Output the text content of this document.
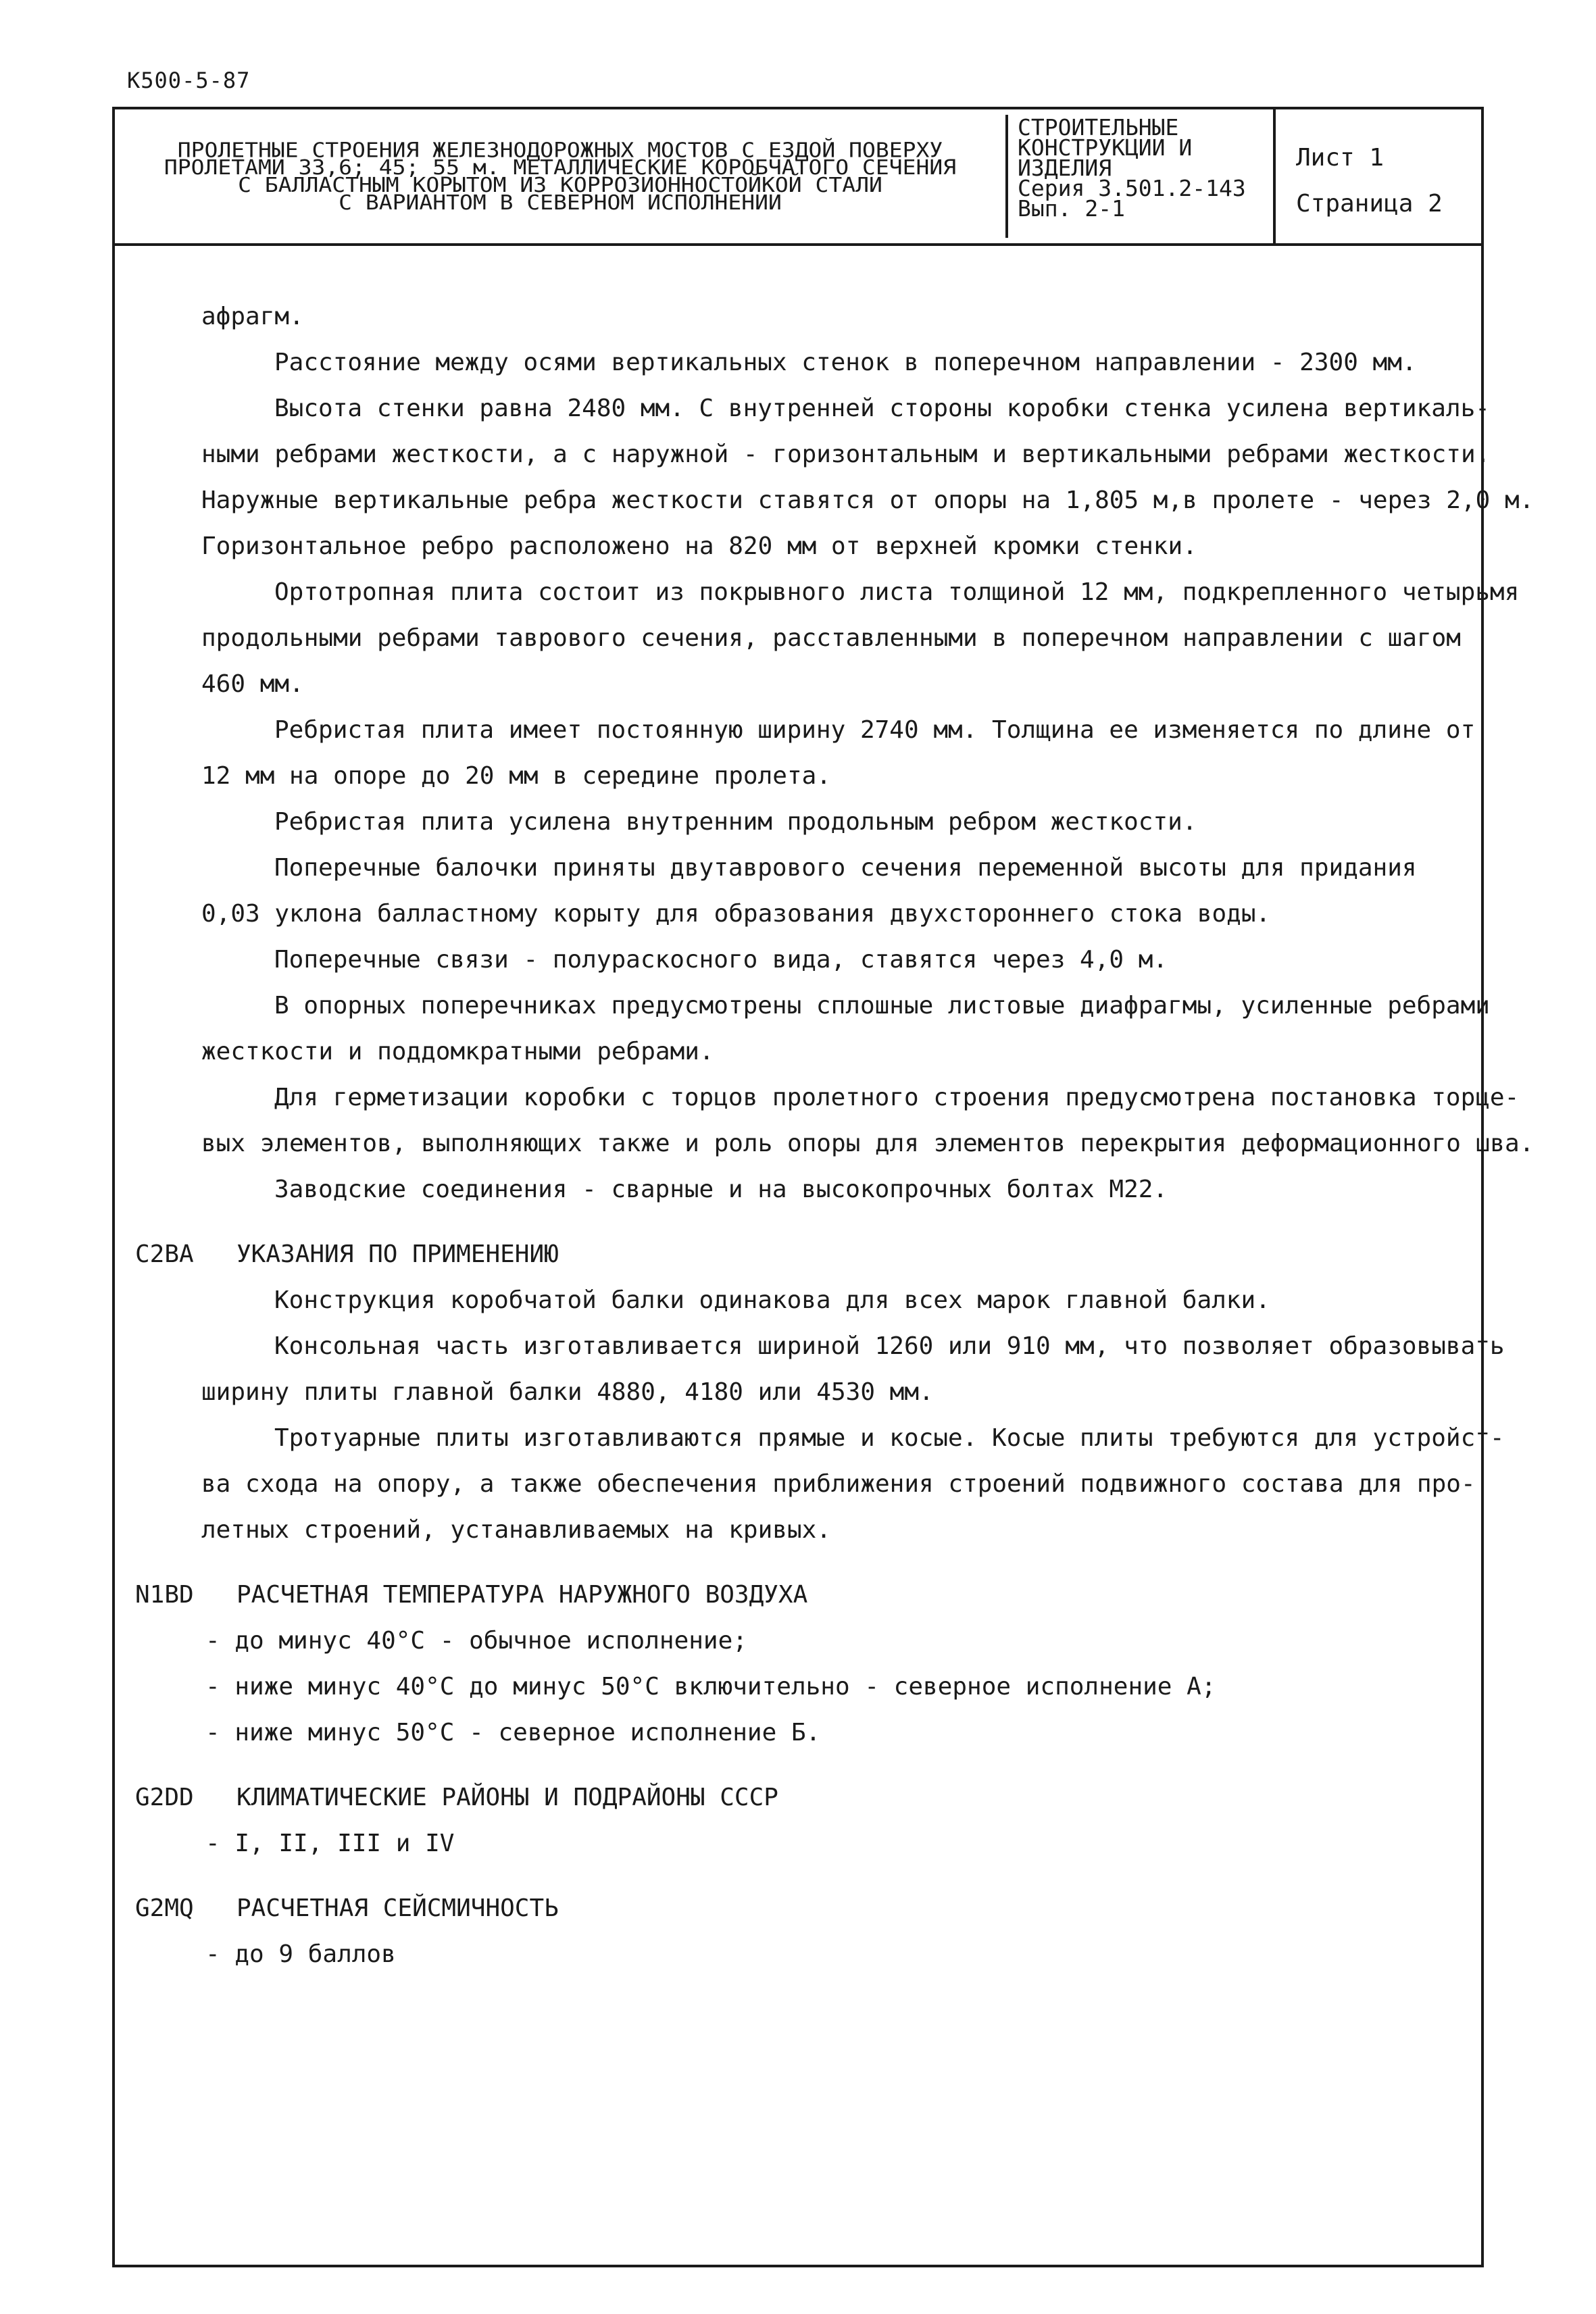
К500-5-87
ПРОЛЕТНЫЕ СТРОЕНИЯ ЖЕЛЕЗНОДОРОЖНЫХ МОСТОВ С ЕЗДОЙ ПОВЕРХУ
ПРОЛЕТАМИ 33,6; 45; 55 м. МЕТАЛЛИЧЕСКИЕ КОРОБЧАТОГО СЕЧЕНИЯ
С БАЛЛАСТНЫМ КОРЫТОМ ИЗ КОРРОЗИОННОСТОЙКОЙ СТАЛИ
С ВАРИАНТОМ В СЕВЕРНОМ ИСПОЛНЕНИИ
СТРОИТЕЛЬНЫЕ
КОНСТРУКЦИИ И
ИЗДЕЛИЯ
Серия 3.501.2-143
Вып. 2-1
Лист 1
Страница 2
афрагм.
Расстояние между осями вертикальных стенок в поперечном направлении - 2300 мм.
Высота стенки равна 2480 мм. С внутренней стороны коробки стенка усилена вертикаль-
ными ребрами жесткости, а с наружной - горизонтальным и вертикальными ребрами жесткости.
Наружные вертикальные ребра жесткости ставятся от опоры на 1,805 м,в пролете - через 2,0 м.
Горизонтальное ребро расположено на 820 мм от верхней кромки стенки.
Ортотропная плита состоит из покрывного листа толщиной 12 мм, подкрепленного четырьмя
продольными ребрами таврового сечения, расставленными в поперечном направлении с шагом
460 мм.
Ребристая плита имеет постоянную ширину 2740 мм. Толщина ее изменяется по длине от
12 мм на опоре до 20 мм в середине пролета.
Ребристая плита усилена внутренним продольным ребром жесткости.
Поперечные балочки приняты двутаврового сечения переменной высоты для придания
0,03 уклона балластному корыту для образования двухстороннего стока воды.
Поперечные связи - полураскосного вида, ставятся через 4,0 м.
В опорных поперечниках предусмотрены сплошные листовые диафрагмы, усиленные ребрами
жесткости и поддомкратными ребрами.
Для герметизации коробки с торцов пролетного строения предусмотрена постановка торце-
вых элементов, выполняющих также и роль опоры для элементов перекрытия деформационного шва.
Заводские соединения - сварные и на высокопрочных болтах М22.
C2BA УКАЗАНИЯ ПО ПРИМЕНЕНИЮ
Конструкция коробчатой балки одинакова для всех марок главной балки.
Консольная часть изготавливается шириной 1260 или 910 мм, что позволяет образовывать
ширину плиты главной балки 4880, 4180 или 4530 мм.
Тротуарные плиты изготавливаются прямые и косые. Косые плиты требуются для устройст-
ва схода на опору, а также обеспечения приближения строений подвижного состава для про-
летных строений, устанавливаемых на кривых.
N1BD РАСЧЕТНАЯ ТЕМПЕРАТУРА НАРУЖНОГО ВОЗДУХА
- до минус 40°С - обычное исполнение;
- ниже минус 40°С до минус 50°С включительно - северное исполнение А;
- ниже минус 50°С - северное исполнение Б.
G2DD КЛИМАТИЧЕСКИЕ РАЙОНЫ И ПОДРАЙОНЫ СССР
- I, II, III и IV
G2MQ РАСЧЕТНАЯ СЕЙСМИЧНОСТЬ
- до 9 баллов
